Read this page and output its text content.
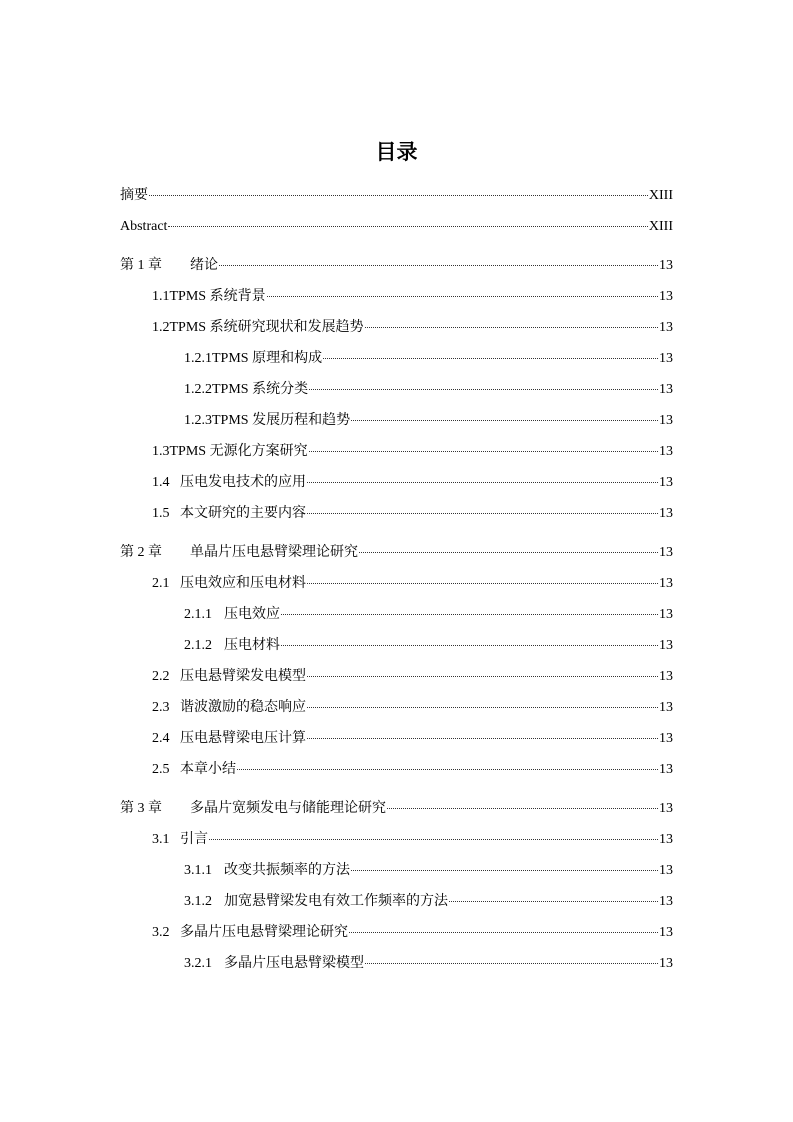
目录
摘要	XIII
Abstract	XIII
第 1 章 绪论	13
1.1TPMS 系统背景	13
1.2TPMS 系统研究现状和发展趋势	13
1.2.1TPMS 原理和构成	13
1.2.2TPMS 系统分类	13
1.2.3TPMS 发展历程和趋势	13
1.3TPMS 无源化方案研究	13
1.4 压电发电技术的应用	13
1.5 本文研究的主要内容	13
第 2 章 单晶片压电悬臂梁理论研究	13
2.1 压电效应和压电材料	13
2.1.1 压电效应	13
2.1.2 压电材料	13
2.2 压电悬臂梁发电模型	13
2.3 谐波激励的稳态响应	13
2.4 压电悬臂梁电压计算	13
2.5 本章小结	13
第 3 章 多晶片宽频发电与储能理论研究	13
3.1 引言	13
3.1.1 改变共振频率的方法	13
3.1.2 加宽悬臂梁发电有效工作频率的方法	13
3.2 多晶片压电悬臂梁理论研究	13
3.2.1 多晶片压电悬臂梁模型	13
